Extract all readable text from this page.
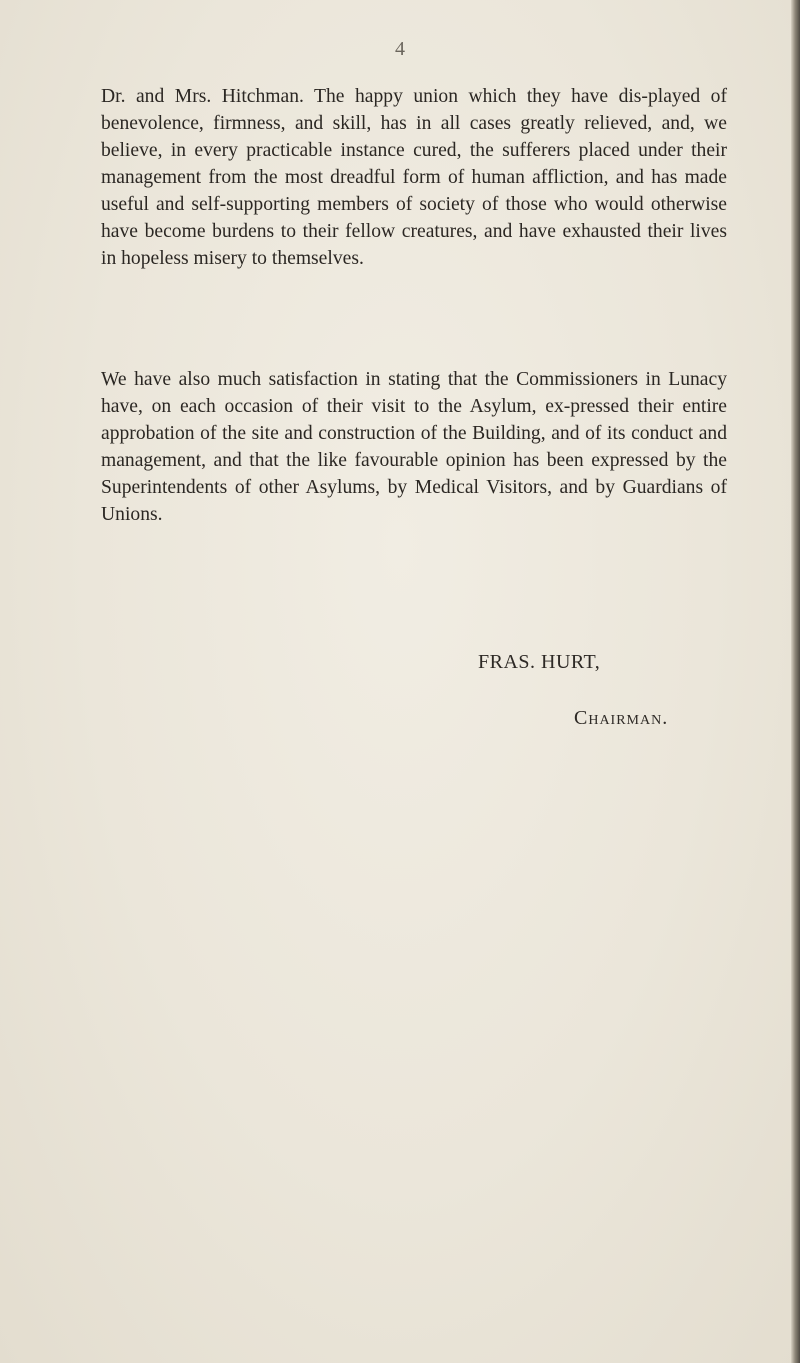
4

Dr. and Mrs. Hitchman. The happy union which they have dis-played of benevolence, firmness, and skill, has in all cases greatly relieved, and, we believe, in every practicable instance cured, the sufferers placed under their management from the most dreadful form of human affliction, and has made useful and self-supporting members of society of those who would otherwise have become burdens to their fellow creatures, and have exhausted their lives in hopeless misery to themselves.

We have also much satisfaction in stating that the Commissioners in Lunacy have, on each occasion of their visit to the Asylum, ex-pressed their entire approbation of the site and construction of the Building, and of its conduct and management, and that the like favourable opinion has been expressed by the Superintendents of other Asylums, by Medical Visitors, and by Guardians of Unions.

FRAS. HURT,
Chairman.
